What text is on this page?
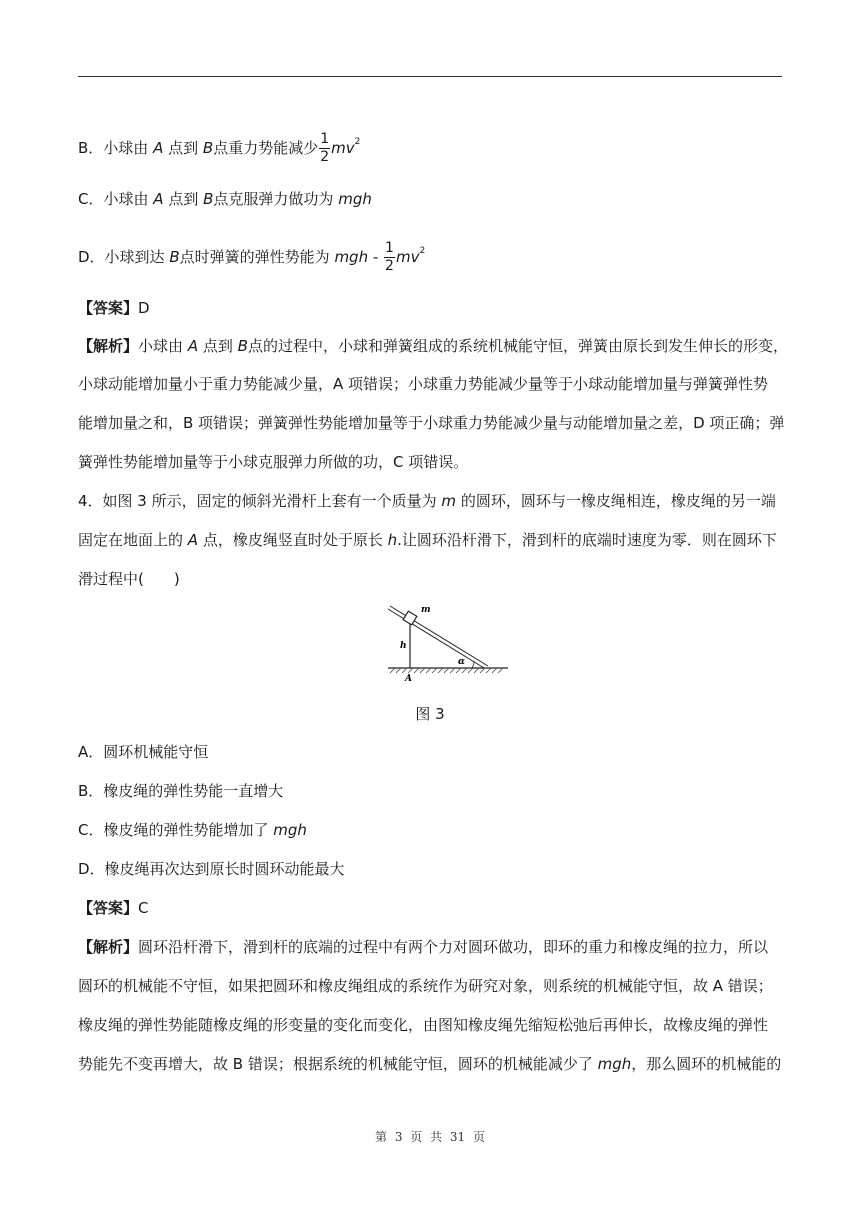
B．小球由 A 点到 B点重力势能减少 $\frac{1}{2} mv^2$
C．小球由 A 点到 B点克服弹力做功为 mgh
D．小球到达 B点时弹簧的弹性势能为 mgh - $\frac{1}{2} mv^2$
【答案】D
【解析】小球由 A 点到 B点的过程中，小球和弹簧组成的系统机械能守恒，弹簧由原长到发生伸长的形变，
小球动能增加量小于重力势能减少量，A 项错误；小球重力势能减少量等于小球动能增加量与弹簧弹性势
能增加量之和，B 项错误；弹簧弹性势能增加量等于小球重力势能减少量与动能增加量之差，D 项正确；弹
簧弹性势能增加量等于小球克服弹力所做的功，C 项错误。
4．如图 3 所示，固定的倾斜光滑杆上套有一个质量为 m 的圆环，圆环与一橡皮绳相连，橡皮绳的另一端
固定在地面上的 A 点，橡皮绳竖直时处于原长 h.让圆环沿杆滑下，滑到杆的底端时速度为零．则在圆环下
滑过程中(　　)
m
h
α
A
图 3
A．圆环机械能守恒
B．橡皮绳的弹性势能一直增大
C．橡皮绳的弹性势能增加了 mgh
D．橡皮绳再次达到原长时圆环动能最大
【答案】C
【解析】圆环沿杆滑下，滑到杆的底端的过程中有两个力对圆环做功，即环的重力和橡皮绳的拉力，所以
圆环的机械能不守恒，如果把圆环和橡皮绳组成的系统作为研究对象，则系统的机械能守恒，故 A 错误；
橡皮绳的弹性势能随橡皮绳的形变量的变化而变化，由图知橡皮绳先缩短松弛后再伸长，故橡皮绳的弹性
势能先不变再增大，故 B 错误；根据系统的机械能守恒，圆环的机械能减少了 mgh，那么圆环的机械能的
第 3 页 共 31 页
